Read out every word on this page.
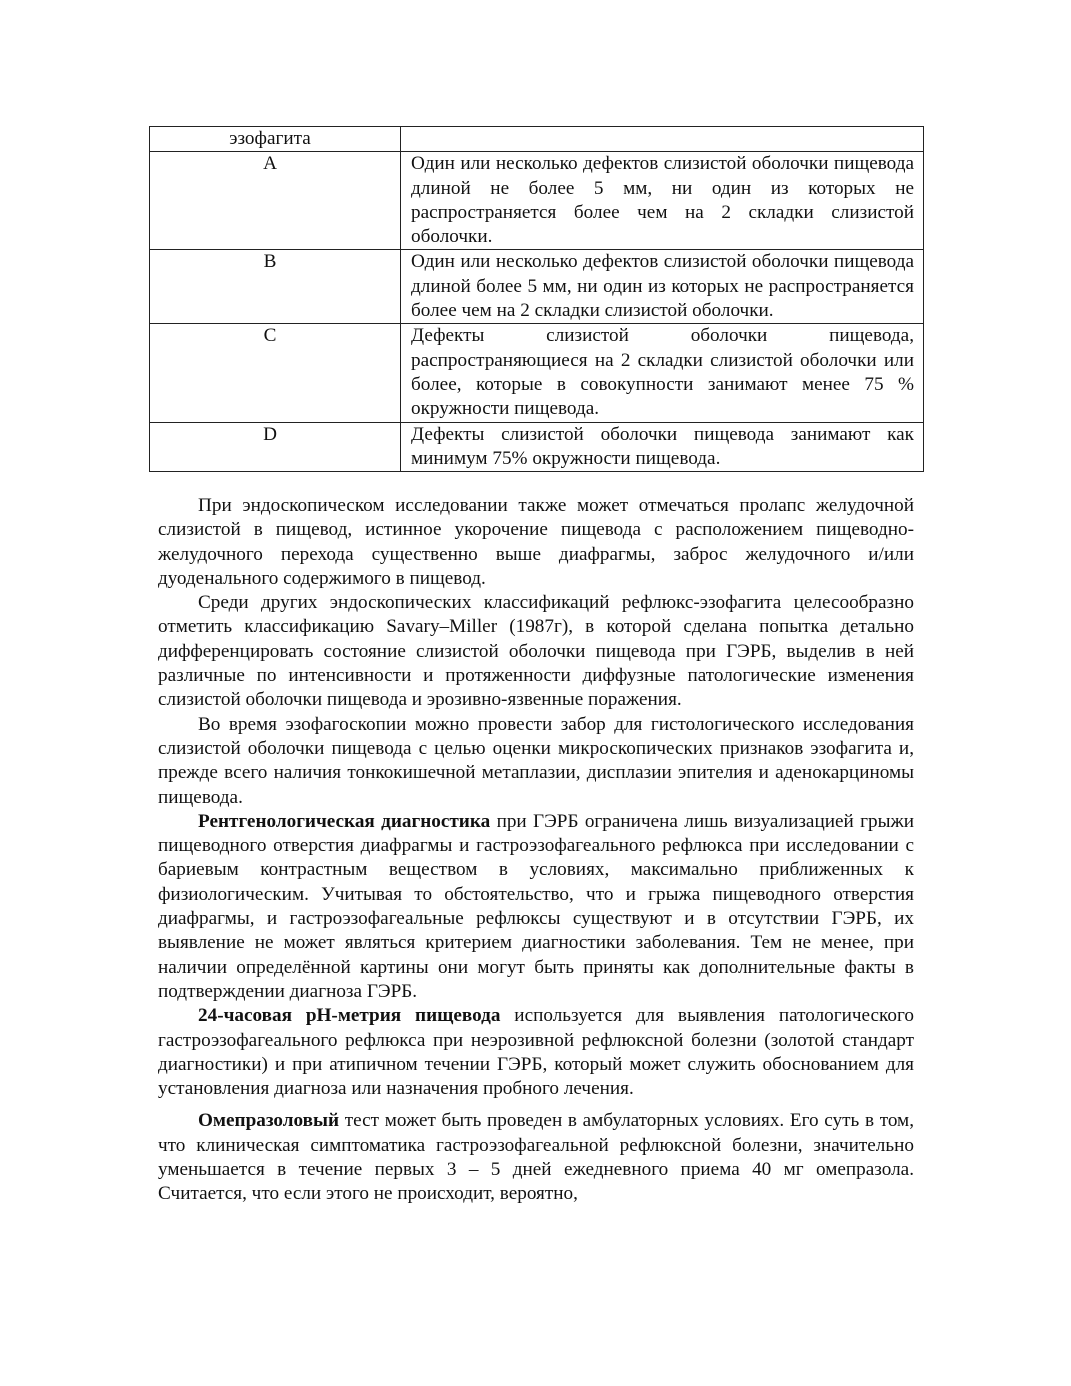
эзофагита	
A	Один или несколько дефектов слизистой оболочки пищевода длиной не более 5 мм, ни один из которых не распространяется более чем на 2 складки слизистой оболочки.
B	Один или несколько дефектов слизистой оболочки пищевода длиной более 5 мм, ни один из которых не распространяется более чем на 2 складки слизистой оболочки.
C	Дефекты слизистой оболочки пищевода, распространяющиеся на 2 складки слизистой оболочки или более, которые в совокупности занимают менее 75 % окружности пищевода.
D	Дефекты слизистой оболочки пищевода занимают как минимум 75% окружности пищевода.

При эндоскопическом исследовании также может отмечаться пролапс желудочной слизистой в пищевод, истинное укорочение пищевода с расположением пищеводно-желудочного перехода существенно выше диафрагмы, заброс желудочного и/или дуоденального содержимого в пищевод.

Среди других эндоскопических классификаций рефлюкс-эзофагита целесообразно отметить классификацию Savary–Miller (1987г), в которой сделана попытка детально дифференцировать состояние слизистой оболочки пищевода при ГЭРБ, выделив в ней различные по интенсивности и протяженности диффузные патологические изменения слизистой оболочки пищевода и эрозивно-язвенные поражения.

Во время эзофагоскопии можно провести забор для гистологического исследования слизистой оболочки пищевода с целью оценки микроскопических признаков эзофагита и, прежде всего наличия тонкокишечной метаплазии, дисплазии эпителия и аденокарциномы пищевода.

Рентгенологическая диагностика при ГЭРБ ограничена лишь визуализацией грыжи пищеводного отверстия диафрагмы и гастроэзофагеального рефлюкса при исследовании с бариевым контрастным веществом в условиях, максимально приближенных к физиологическим. Учитывая то обстоятельство, что и грыжа пищеводного отверстия диафрагмы, и гастроэзофагеальные рефлюксы существуют и в отсутствии ГЭРБ, их выявление не может являться критерием диагностики заболевания. Тем не менее, при наличии определённой картины они могут быть приняты как дополнительные факты в подтверждении диагноза ГЭРБ.

24-часовая pH-метрия пищевода используется для выявления патологического гастроэзофагеального рефлюкса при неэрозивной рефлюксной болезни (золотой стандарт диагностики) и при атипичном течении ГЭРБ, который может служить обоснованием для установления диагноза или назначения пробного лечения.

Омепразоловый тест может быть проведен в амбулаторных условиях. Его суть в том, что клиническая симптоматика гастроэзофагеальной рефлюксной болезни, значительно уменьшается в течение первых 3 – 5 дней ежедневного приема 40 мг омепразола. Считается, что если этого не происходит, вероятно,
